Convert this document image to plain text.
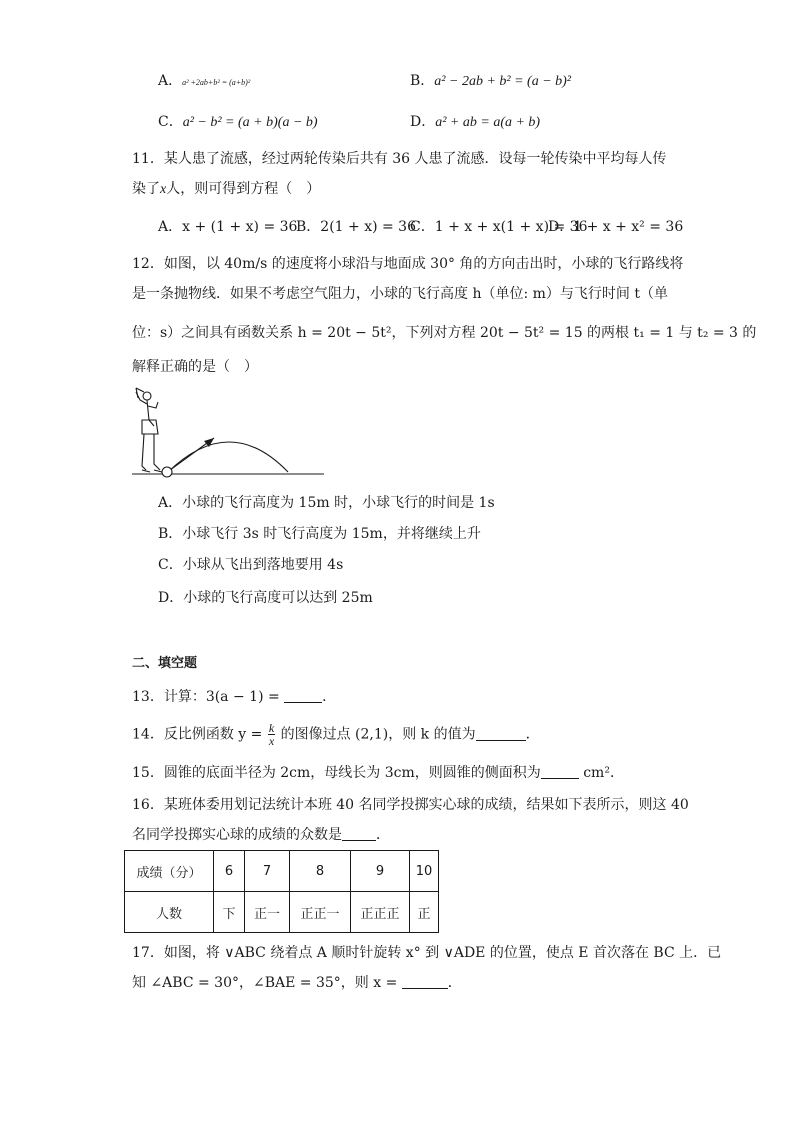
A．a² +2ab+b² = (a+b)²	B．a² − 2ab + b² = (a − b)²
C．a² − b² = (a + b)(a − b)	D．a² + ab = a(a + b)
11．某人患了流感，经过两轮传染后共有 36 人患了流感．设每一轮传染中平均每人传
染了x人，则可得到方程（　）
A．x + (1 + x) = 36
B．2(1 + x) = 36
C．1 + x + x(1 + x) = 36
D．1 + x + x² = 36
12．如图，以 40m/s 的速度将小球沿与地面成 30° 角的方向击出时，小球的飞行路线将
是一条抛物线．如果不考虑空气阻力，小球的飞行高度 h（单位: m）与飞行时间 t（单
位：s）之间具有函数关系 h = 20t − 5t²，下列对方程 20t − 5t² = 15 的两根 t₁ = 1 与 t₂ = 3 的
解释正确的是（　）
A．小球的飞行高度为 15m 时，小球飞行的时间是 1s
B．小球飞行 3s 时飞行高度为 15m，并将继续上升
C．小球从飞出到落地要用 4s
D．小球的飞行高度可以达到 25m
二、填空题
13．计算：3(a − 1) =	．
14．反比例函数 $y = \frac{k}{x}$ 的图像过点 (2,1)，则 k 的值为	．
15．圆锥的底面半径为 2cm，母线长为 3cm，则圆锥的侧面积为	cm²．
16．某班体委用划记法统计本班 40 名同学投掷实心球的成绩，结果如下表所示，则这 40
名同学投掷实心球的成绩的众数是 ．
成绩（分）	6	7	8	9	10
人数	下	正一	正正一	正正正	正
17．如图，将 ∨ABC 绕着点 A 顺时针旋转 x° 到 ∨ADE 的位置，使点 E 首次落在 BC 上．已
知 ∠ABC = 30°，∠BAE = 35°，则 x =	．
